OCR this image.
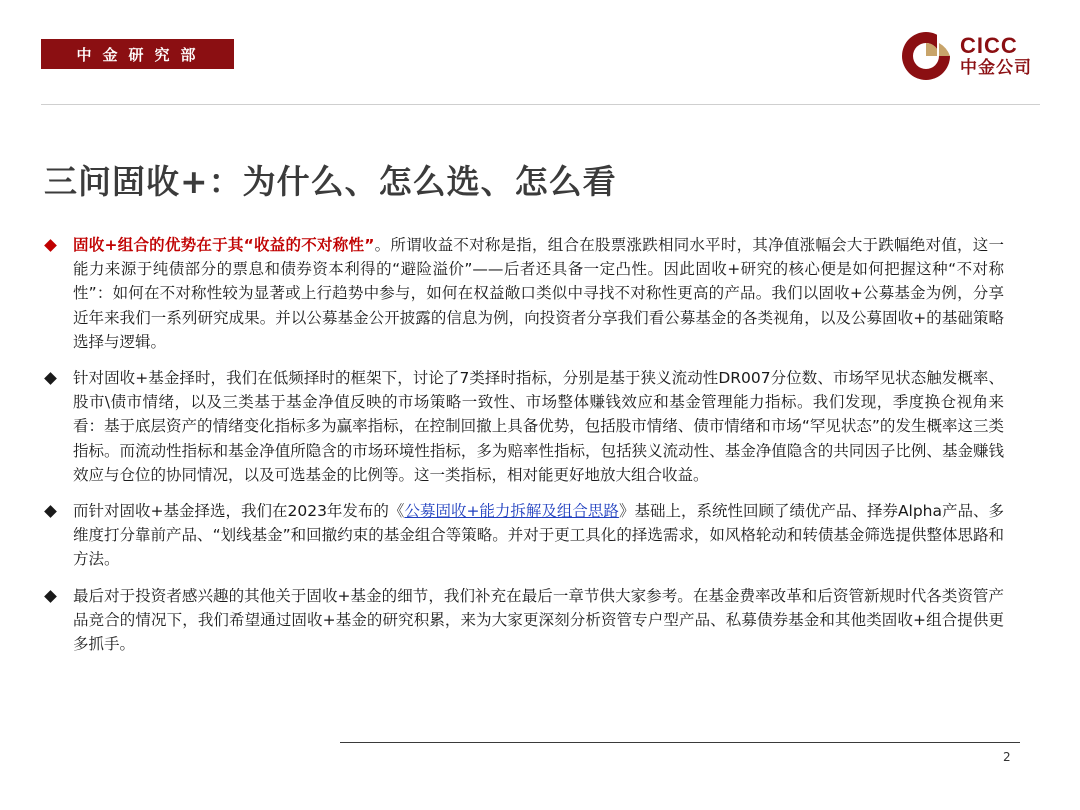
中金研究部	CICC
中金公司
三问固收+：为什么、怎么选、怎么看
固收+组合的优势在于其“收益的不对称性”。所谓收益不对称是指，组合在股票涨跌相同水平时，其净值涨幅会大于跌幅绝对值，这一能力来源于纯债部分的票息和债券资本利得的“避险溢价”——后者还具备一定凸性。因此固收+研究的核心便是如何把握这种“不对称性”：如何在不对称性较为显著或上行趋势中参与，如何在权益敞口类似中寻找不对称性更高的产品。我们以固收+公募基金为例，分享近年来我们一系列研究成果。并以公募基金公开披露的信息为例，向投资者分享我们看公募基金的各类视角，以及公募固收+的基础策略选择与逻辑。
针对固收+基金择时，我们在低频择时的框架下，讨论了7类择时指标，分别是基于狭义流动性DR007分位数、市场罕见状态触发概率、股市\债市情绪，以及三类基于基金净值反映的市场策略一致性、市场整体赚钱效应和基金管理能力指标。我们发现，季度换仓视角来看：基于底层资产的情绪变化指标多为赢率指标，在控制回撤上具备优势，包括股市情绪、债市情绪和市场“罕见状态”的发生概率这三类指标。而流动性指标和基金净值所隐含的市场环境性指标，多为赔率性指标，包括狭义流动性、基金净值隐含的共同因子比例、基金赚钱效应与仓位的协同情况，以及可选基金的比例等。这一类指标，相对能更好地放大组合收益。
而针对固收+基金择选，我们在2023年发布的《公募固收+能力拆解及组合思路》基础上，系统性回顾了绩优产品、择券Alpha产品、多维度打分靠前产品、“划线基金”和回撤约束的基金组合等策略。并对于更工具化的择选需求，如风格轮动和转债基金筛选提供整体思路和方法。
最后对于投资者感兴趣的其他关于固收+基金的细节，我们补充在最后一章节供大家参考。在基金费率改革和后资管新规时代各类资管产品竞合的情况下，我们希望通过固收+基金的研究积累，来为大家更深刻分析资管专户型产品、私募债券基金和其他类固收+组合提供更多抓手。
2
